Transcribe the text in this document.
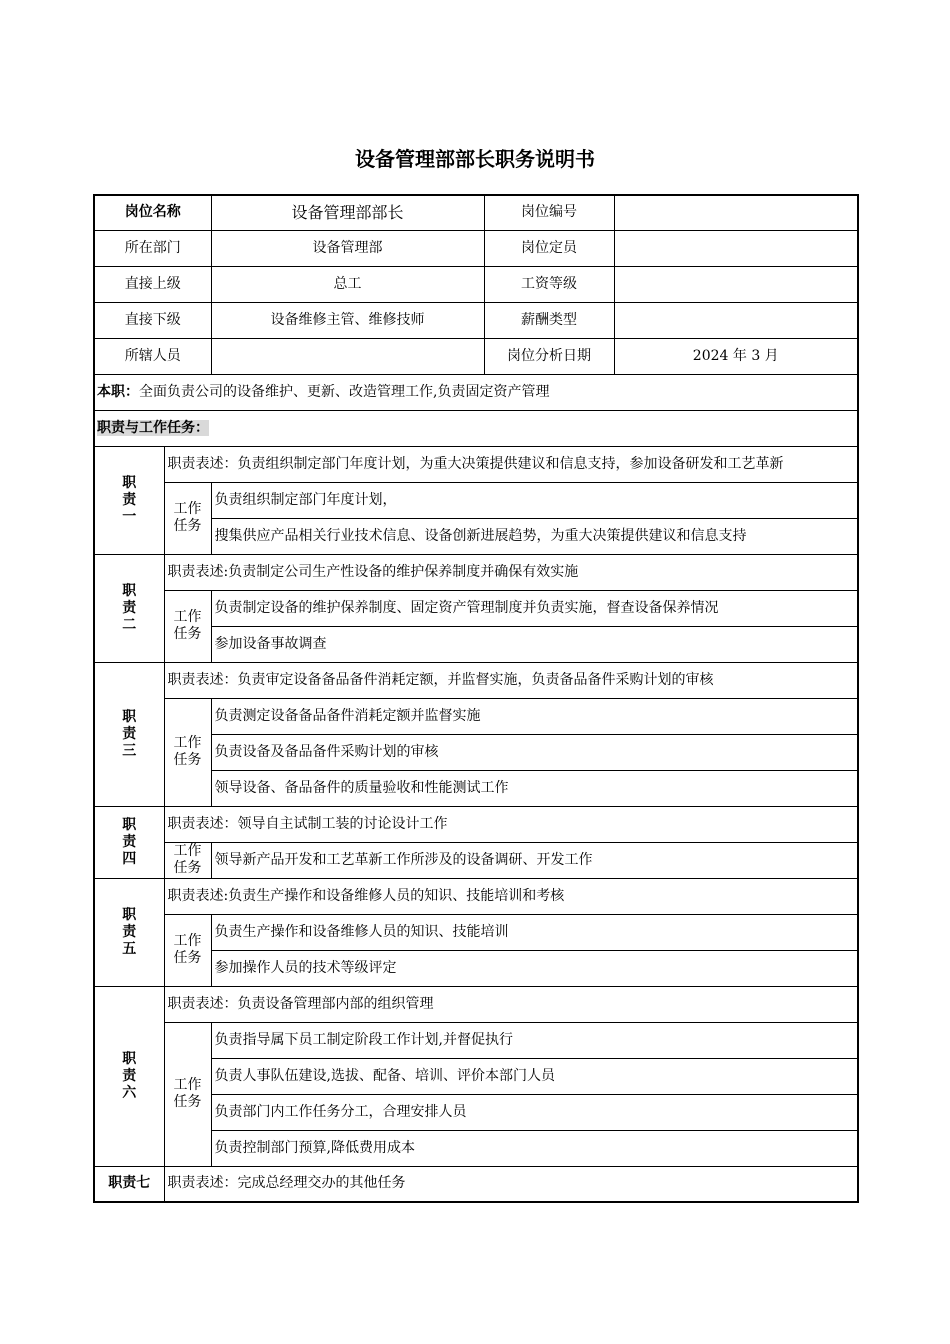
设备管理部部长职务说明书
岗位名称		设备管理部部长	岗位编号	
所在部门		设备管理部	岗位定员	
直接上级		总工	工资等级	
直接下级		设备维修主管、维修技师	薪酬类型	
所辖人员			岗位分析日期	2024 年 3 月
本职：全面负责公司的设备维护、更新、改造管理工作,负责固定资产管理				
职责与工作任务：				

职责一	职责表述：负责组织制定部门年度计划，为重大决策提供建议和信息支持，参加设备研发和工艺革新			

	工作任务	负责组织制定部门年度计划，		
		搜集供应产品相关行业技术信息、设备创新进展趋势，为重大决策提供建议和信息支持		

职责二	职责表述:负责制定公司生产性设备的维护保养制度并确保有效实施			

	工作任务	负责制定设备的维护保养制度、固定资产管理制度并负责实施，督查设备保养情况		
		参加设备事故调查		

职责三	职责表述：负责审定设备备品备件消耗定额，并监督实施，负责备品备件采购计划的审核			

	工作任务	负责测定设备备品备件消耗定额并监督实施		
		负责设备及备品备件采购计划的审核		
		领导设备、备品备件的质量验收和性能测试工作		

职责四	职责表述：领导自主试制工装的讨论设计工作			

	工作任务	领导新产品开发和工艺革新工作所涉及的设备调研、开发工作		

职责五	职责表述:负责生产操作和设备维修人员的知识、技能培训和考核			

	工作任务	负责生产操作和设备维修人员的知识、技能培训		
		参加操作人员的技术等级评定		

职责六	职责表述：负责设备管理部内部的组织管理			

	工作任务	负责指导属下员工制定阶段工作计划,并督促执行		
		负责人事队伍建设,选拔、配备、培训、评价本部门人员		
		负责部门内工作任务分工，合理安排人员		
		负责控制部门预算,降低费用成本		
职责七	职责表述：完成总经理交办的其他任务			
